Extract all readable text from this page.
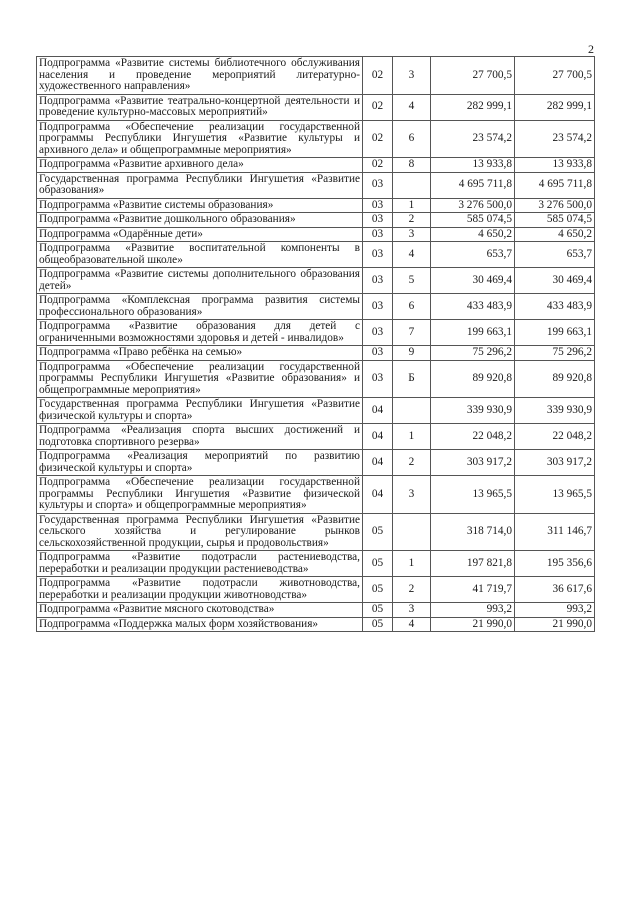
2
Подпрограмма «Развитие системы библиотечного обслуживания населения и проведение мероприятий литературно-художественного направления»	02	3	27 700,5	27 700,5
Подпрограмма «Развитие театрально-концертной деятельности и проведение культурно-массовых мероприятий»	02	4	282 999,1	282 999,1
Подпрограмма «Обеспечение реализации государственной программы Республики Ингушетия «Развитие культуры и архивного дела» и общепрограммные мероприятия»	02	6	23 574,2	23 574,2
Подпрограмма «Развитие архивного дела»	02	8	13 933,8	13 933,8
Государственная программа Республики Ингушетия «Развитие образования»	03		4 695 711,8	4 695 711,8
Подпрограмма «Развитие системы образования»	03	1	3 276 500,0	3 276 500,0
Подпрограмма «Развитие дошкольного образования»	03	2	585 074,5	585 074,5
Подпрограмма «Одарённые дети»	03	3	4 650,2	4 650,2
Подпрограмма «Развитие воспитательной компоненты в общеобразовательной школе»	03	4	653,7	653,7
Подпрограмма «Развитие системы дополнительного образования детей»	03	5	30 469,4	30 469,4
Подпрограмма «Комплексная программа развития системы профессионального образования»	03	6	433 483,9	433 483,9
Подпрограмма «Развитие образования для детей с ограниченными возможностями здоровья и детей - инвалидов»	03	7	199 663,1	199 663,1
Подпрограмма «Право ребёнка на семью»	03	9	75 296,2	75 296,2
Подпрограмма «Обеспечение реализации государственной программы Республики Ингушетия «Развитие образования» и общепрограммные мероприятия»	03	Б	89 920,8	89 920,8
Государственная программа Республики Ингушетия «Развитие физической культуры и спорта»	04		339 930,9	339 930,9
Подпрограмма «Реализация спорта высших достижений и подготовка спортивного резерва»	04	1	22 048,2	22 048,2
Подпрограмма «Реализация мероприятий по развитию физической культуры и спорта»	04	2	303 917,2	303 917,2
Подпрограмма «Обеспечение реализации государственной программы Республики Ингушетия «Развитие физической культуры и спорта» и общепрограммные мероприятия»	04	3	13 965,5	13 965,5
Государственная программа Республики Ингушетия «Развитие сельского хозяйства и регулирование рынков сельскохозяйственной продукции, сырья и продовольствия»	05		318 714,0	311 146,7
Подпрограмма «Развитие подотрасли растениеводства, переработки и реализации продукции растениеводства»	05	1	197 821,8	195 356,6
Подпрограмма «Развитие подотрасли животноводства, переработки и реализации продукции животноводства»	05	2	41 719,7	36 617,6
Подпрограмма «Развитие мясного скотоводства»	05	3	993,2	993,2
Подпрограмма «Поддержка малых форм хозяйствования»	05	4	21 990,0	21 990,0
